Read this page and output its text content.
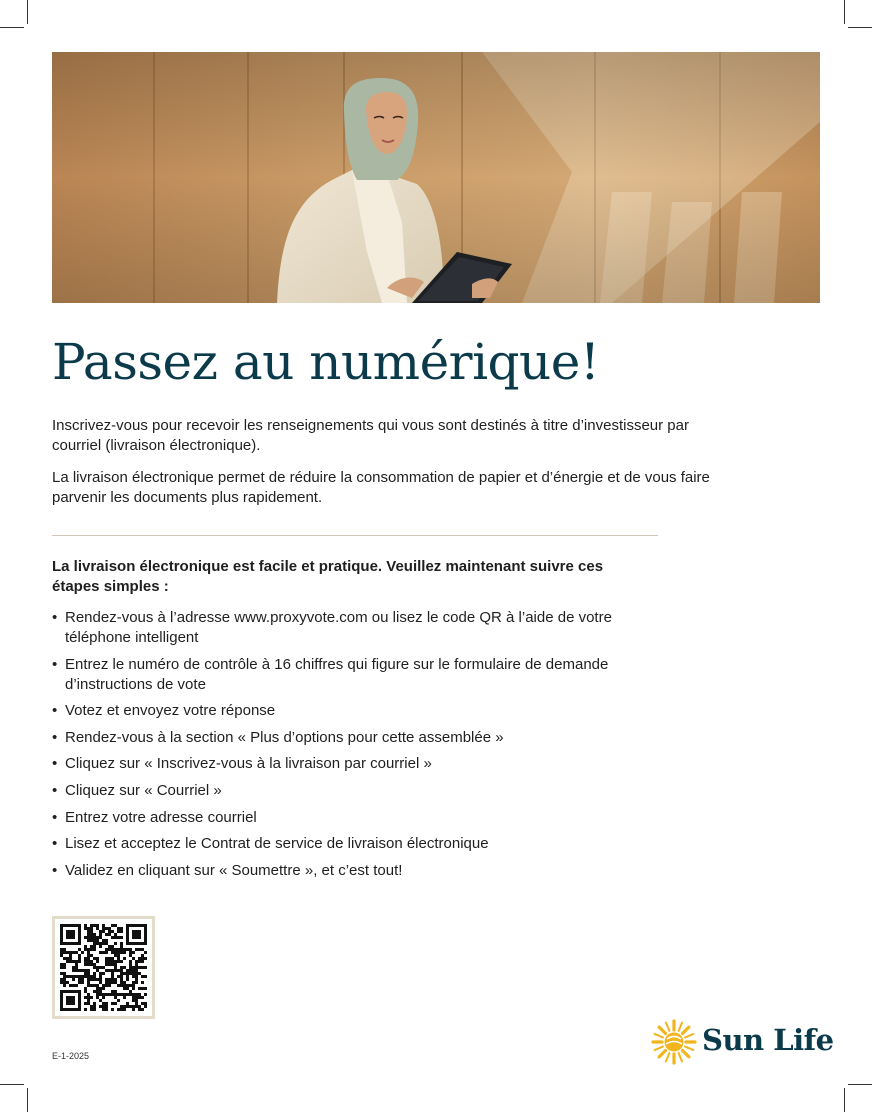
Passez au numérique!

Inscrivez-vous pour recevoir les renseignements qui vous sont destinés à titre d’investisseur par courriel (livraison électronique).

La livraison électronique permet de réduire la consommation de papier et d’énergie et de vous faire parvenir les documents plus rapidement.

La livraison électronique est facile et pratique. Veuillez maintenant suivre ces étapes simples :

• Rendez-vous à l’adresse www.proxyvote.com ou lisez le code QR à l’aide de votre téléphone intelligent
• Entrez le numéro de contrôle à 16 chiffres qui figure sur le formulaire de demande d’instructions de vote
• Votez et envoyez votre réponse
• Rendez-vous à la section « Plus d’options pour cette assemblée »
• Cliquez sur « Inscrivez-vous à la livraison par courriel »
• Cliquez sur « Courriel »
• Entrez votre adresse courriel
• Lisez et acceptez le Contrat de service de livraison électronique
• Validez en cliquant sur « Soumettre », et c’est tout!
E-1-2025	Sun Life
